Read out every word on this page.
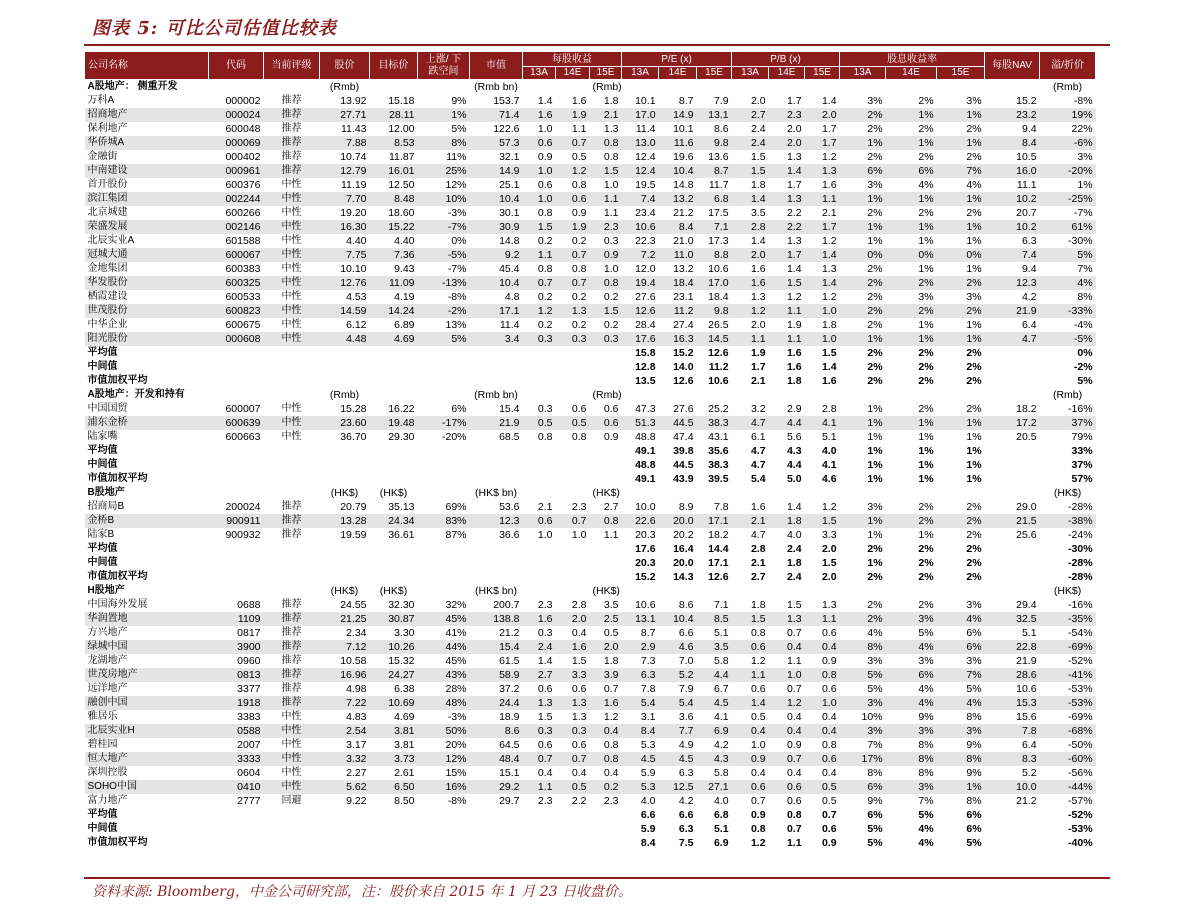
图表 5: 可比公司估值比较表
公司名称	代码	当前评级	股价	目标价	上涨/ 下跌空间	市值	每股收益			P/E (x)			P/B (x)			股息收益率			每股NAV	溢/折价	
							13A	14E	15E	13A	14E	15E	13A	14E	15E	13A	14E	15E			
A股地产： 侧重开发			(Rmb)			(Rmb bn)			(Rmb)											(Rmb)	
万科A	000002	推荐	13.92	15.18	9%	153.7	1.4	1.6	1.8	10.1	8.7	7.9	2.0	1.7	1.4	3%	2%	3%	15.2	-8%	
招商地产	000024	推荐	27.71	28.11	1%	71.4	1.6	1.9	2.1	17.0	14.9	13.1	2.7	2.3	2.0	2%	1%	1%	23.2	19%	
保利地产	600048	推荐	11.43	12.00	5%	122.6	1.0	1.1	1.3	11.4	10.1	8.6	2.4	2.0	1.7	2%	2%	2%	9.4	22%	
华侨城A	000069	推荐	7.88	8.53	8%	57.3	0.6	0.7	0.8	13.0	11.6	9.8	2.4	2.0	1.7	1%	1%	1%	8.4	-6%	
金融街	000402	推荐	10.74	11.87	11%	32.1	0.9	0.5	0.8	12.4	19.6	13.6	1.5	1.3	1.2	2%	2%	2%	10.5	3%	
中南建设	000961	推荐	12.79	16.01	25%	14.9	1.0	1.2	1.5	12.4	10.4	8.7	1.5	1.4	1.3	6%	6%	7%	16.0	-20%	
首开股份	600376	中性	11.19	12.50	12%	25.1	0.6	0.8	1.0	19.5	14.8	11.7	1.8	1.7	1.6	3%	4%	4%	11.1	1%	
滨江集团	002244	中性	7.70	8.48	10%	10.4	1.0	0.6	1.1	7.4	13.2	6.8	1.4	1.3	1.1	1%	1%	1%	10.2	-25%	
北京城建	600266	中性	19.20	18.60	-3%	30.1	0.8	0.9	1.1	23.4	21.2	17.5	3.5	2.2	2.1	2%	2%	2%	20.7	-7%	
荣盛发展	002146	中性	16.30	15.22	-7%	30.9	1.5	1.9	2.3	10.6	8.4	7.1	2.8	2.2	1.7	1%	1%	1%	10.2	61%	
北辰实业A	601588	中性	4.40	4.40	0%	14.8	0.2	0.2	0.3	22.3	21.0	17.3	1.4	1.3	1.2	1%	1%	1%	6.3	-30%	
冠城大通	600067	中性	7.75	7.36	-5%	9.2	1.1	0.7	0.9	7.2	11.0	8.8	2.0	1.7	1.4	0%	0%	0%	7.4	5%	
金地集团	600383	中性	10.10	9.43	-7%	45.4	0.8	0.8	1.0	12.0	13.2	10.6	1.6	1.4	1.3	2%	1%	1%	9.4	7%	
华发股份	600325	中性	12.76	11.09	-13%	10.4	0.7	0.7	0.8	19.4	18.4	17.0	1.6	1.5	1.4	2%	2%	2%	12.3	4%	
栖霞建设	600533	中性	4.53	4.19	-8%	4.8	0.2	0.2	0.2	27.6	23.1	18.4	1.3	1.2	1.2	2%	3%	3%	4.2	8%	
世茂股份	600823	中性	14.59	14.24	-2%	17.1	1.2	1.3	1.5	12.6	11.2	9.8	1.2	1.1	1.0	2%	2%	2%	21.9	-33%	
中华企业	600675	中性	6.12	6.89	13%	11.4	0.2	0.2	0.2	28.4	27.4	26.5	2.0	1.9	1.8	2%	1%	1%	6.4	-4%	
阳光股份	000608	中性	4.48	4.69	5%	3.4	0.3	0.3	0.3	17.6	16.3	14.5	1.1	1.1	1.0	1%	1%	1%	4.7	-5%	
平均值										15.8	15.2	12.6	1.9	1.6	1.5	2%	2%	2%		0%	
中间值										12.8	14.0	11.2	1.7	1.6	1.4	2%	2%	2%		-2%	
市值加权平均										13.5	12.6	10.6	2.1	1.8	1.6	2%	2%	2%		5%	
A股地产：开发和持有			(Rmb)			(Rmb bn)			(Rmb)											(Rmb)	
中国国贸	600007	中性	15.28	16.22	6%	15.4	0.3	0.6	0.6	47.3	27.6	25.2	3.2	2.9	2.8	1%	2%	2%	18.2	-16%	
浦东金桥	600639	中性	23.60	19.48	-17%	21.9	0.5	0.5	0.6	51.3	44.5	38.3	4.7	4.4	4.1	1%	1%	1%	17.2	37%	
陆家嘴	600663	中性	36.70	29.30	-20%	68.5	0.8	0.8	0.9	48.8	47.4	43.1	6.1	5.6	5.1	1%	1%	1%	20.5	79%	
平均值										49.1	39.8	35.6	4.7	4.3	4.0	1%	1%	1%		33%	
中间值										48.8	44.5	38.3	4.7	4.4	4.1	1%	1%	1%		37%	
市值加权平均										49.1	43.9	39.5	5.4	5.0	4.6	1%	1%	1%		57%	
B股地产			(HK$)	(HK$)		(HK$ bn)			(HK$)											(HK$)	
招商局B	200024	推荐	20.79	35.13	69%	53.6	2.1	2.3	2.7	10.0	8.9	7.8	1.6	1.4	1.2	3%	2%	2%	29.0	-28%	
金桥B	900911	推荐	13.28	24.34	83%	12.3	0.6	0.7	0.8	22.6	20.0	17.1	2.1	1.8	1.5	1%	2%	2%	21.5	-38%	
陆家B	900932	推荐	19.59	36.61	87%	36.6	1.0	1.0	1.1	20.3	20.2	18.2	4.7	4.0	3.3	1%	1%	2%	25.6	-24%	
平均值										17.6	16.4	14.4	2.8	2.4	2.0	2%	2%	2%		-30%	
中间值										20.3	20.0	17.1	2.1	1.8	1.5	1%	2%	2%		-28%	
市值加权平均										15.2	14.3	12.6	2.7	2.4	2.0	2%	2%	2%		-28%	
H股地产			(HK$)	(HK$)		(HK$ bn)			(HK$)											(HK$)	
中国海外发展	0688	推荐	24.55	32.30	32%	200.7	2.3	2.8	3.5	10.6	8.6	7.1	1.8	1.5	1.3	2%	2%	3%	29.4	-16%	
华润置地	1109	推荐	21.25	30.87	45%	138.8	1.6	2.0	2.5	13.1	10.4	8.5	1.5	1.3	1.1	2%	3%	4%	32.5	-35%	
方兴地产	0817	推荐	2.34	3.30	41%	21.2	0.3	0.4	0.5	8.7	6.6	5.1	0.8	0.7	0.6	4%	5%	6%	5.1	-54%	
绿城中国	3900	推荐	7.12	10.26	44%	15.4	2.4	1.6	2.0	2.9	4.6	3.5	0.6	0.4	0.4	8%	4%	6%	22.8	-69%	
龙湖地产	0960	推荐	10.58	15.32	45%	61.5	1.4	1.5	1.8	7.3	7.0	5.8	1.2	1.1	0.9	3%	3%	3%	21.9	-52%	
世茂房地产	0813	推荐	16.96	24.27	43%	58.9	2.7	3.3	3.9	6.3	5.2	4.4	1.1	1.0	0.8	5%	6%	7%	28.6	-41%	
远洋地产	3377	推荐	4.98	6.38	28%	37.2	0.6	0.6	0.7	7.8	7.9	6.7	0.6	0.7	0.6	5%	4%	5%	10.6	-53%	
融创中国	1918	推荐	7.22	10.69	48%	24.4	1.3	1.3	1.6	5.4	5.4	4.5	1.4	1.2	1.0	3%	4%	4%	15.3	-53%	
雅居乐	3383	中性	4.83	4.69	-3%	18.9	1.5	1.3	1.2	3.1	3.6	4.1	0.5	0.4	0.4	10%	9%	8%	15.6	-69%	
北辰实业H	0588	中性	2.54	3.81	50%	8.6	0.3	0.3	0.4	8.4	7.7	6.9	0.4	0.4	0.4	3%	3%	3%	7.8	-68%	
碧桂园	2007	中性	3.17	3.81	20%	64.5	0.6	0.6	0.8	5.3	4.9	4.2	1.0	0.9	0.8	7%	8%	9%	6.4	-50%	
恒大地产	3333	中性	3.32	3.73	12%	48.4	0.7	0.7	0.8	4.5	4.5	4.3	0.9	0.7	0.6	17%	8%	8%	8.3	-60%	
深圳控股	0604	中性	2.27	2.61	15%	15.1	0.4	0.4	0.4	5.9	6.3	5.8	0.4	0.4	0.4	8%	8%	9%	5.2	-56%	
SOHO中国	0410	中性	5.62	6.50	16%	29.2	1.1	0.5	0.2	5.3	12.5	27.1	0.6	0.6	0.5	6%	3%	1%	10.0	-44%	
富力地产	2777	回避	9.22	8.50	-8%	29.7	2.3	2.2	2.3	4.0	4.2	4.0	0.7	0.6	0.5	9%	7%	8%	21.2	-57%	
平均值										6.6	6.6	6.8	0.9	0.8	0.7	6%	5%	6%		-52%	
中间值										5.9	6.3	5.1	0.8	0.7	0.6	5%	4%	6%		-53%	
市值加权平均										8.4	7.5	6.9	1.2	1.1	0.9	5%	4%	5%		-40%	
资料来源: Bloomberg，中金公司研究部，注：股价来自 2015 年 1 月 23 日收盘价。
